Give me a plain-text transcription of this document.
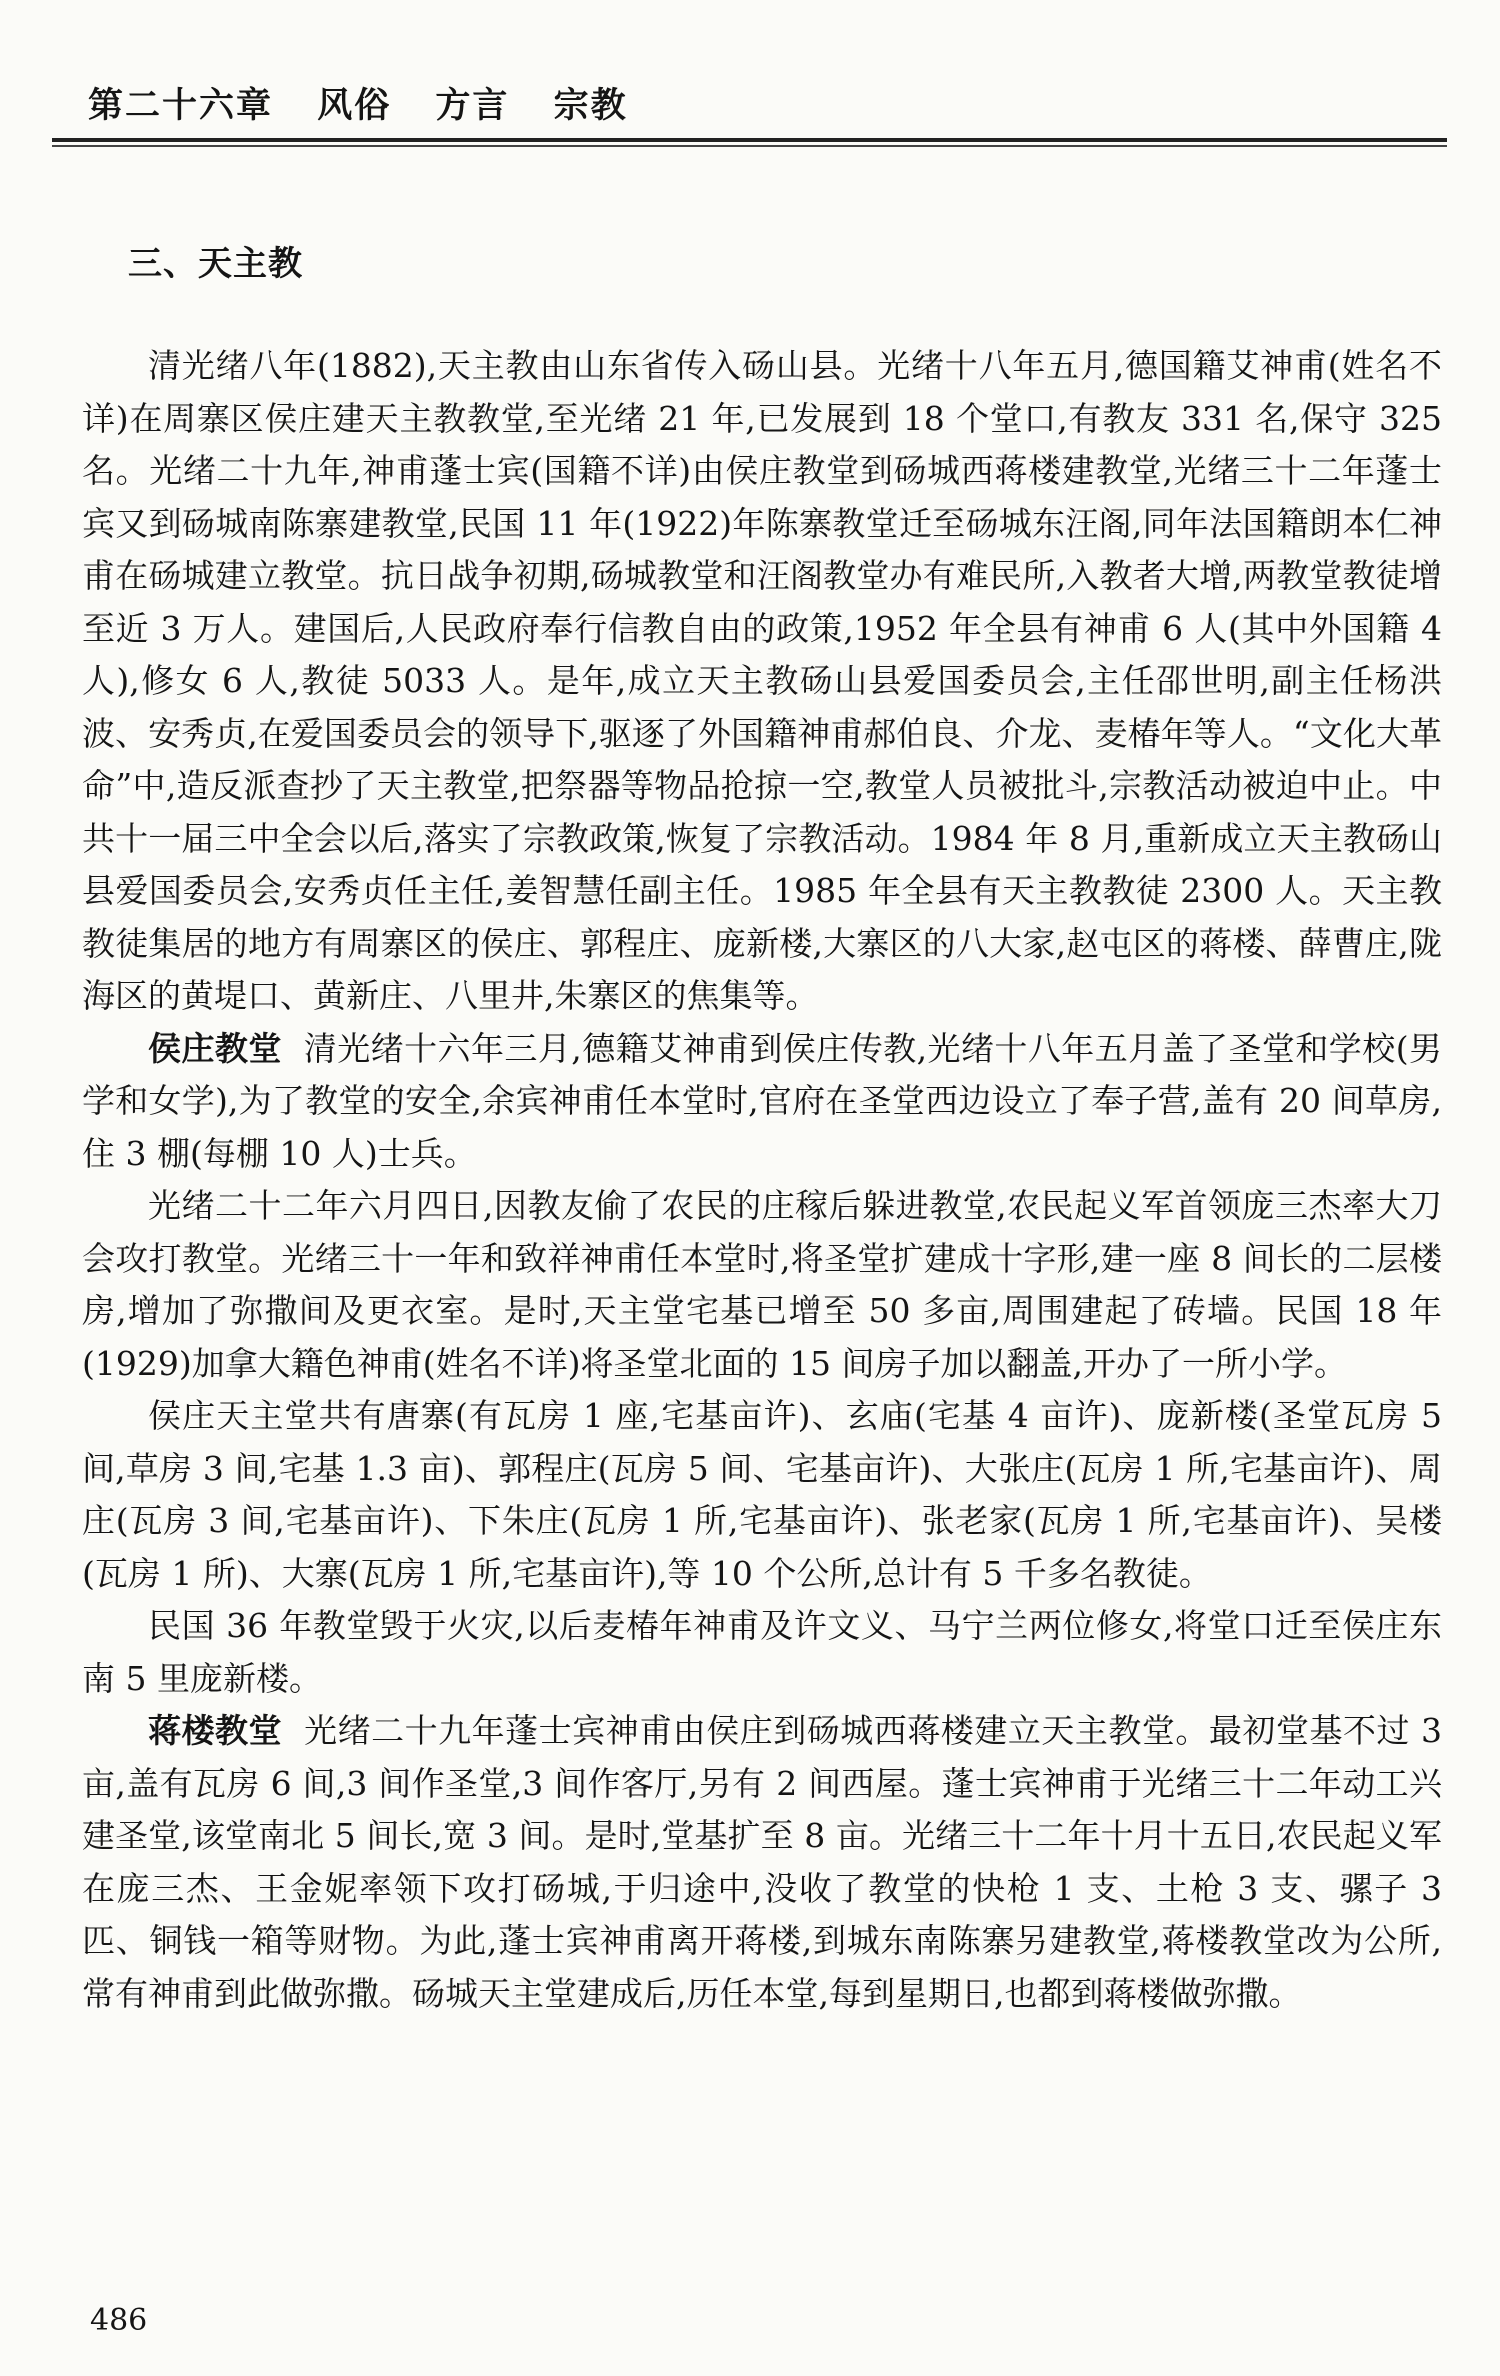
第二十六章 风俗 方言 宗教
三、天主教

清光绪八年(1882),天主教由山东省传入砀山县。光绪十八年五月,德国籍艾神甫(姓名不详)在周寨区侯庄建天主教教堂,至光绪 21 年,已发展到 18 个堂口,有教友 331 名,保守 325 名。光绪二十九年,神甫蓬士宾(国籍不详)由侯庄教堂到砀城西蒋楼建教堂,光绪三十二年蓬士宾又到砀城南陈寨建教堂,民国 11 年(1922)年陈寨教堂迁至砀城东汪阁,同年法国籍朗本仁神甫在砀城建立教堂。抗日战争初期,砀城教堂和汪阁教堂办有难民所,入教者大增,两教堂教徒增至近 3 万人。建国后,人民政府奉行信教自由的政策,1952 年全县有神甫 6 人(其中外国籍 4 人),修女 6 人,教徒 5033 人。是年,成立天主教砀山县爱国委员会,主任邵世明,副主任杨洪波、安秀贞,在爱国委员会的领导下,驱逐了外国籍神甫郝伯良、介龙、麦椿年等人。“文化大革命”中,造反派查抄了天主教堂,把祭器等物品抢掠一空,教堂人员被批斗,宗教活动被迫中止。中共十一届三中全会以后,落实了宗教政策,恢复了宗教活动。1984 年 8 月,重新成立天主教砀山县爱国委员会,安秀贞任主任,姜智慧任副主任。1985 年全县有天主教教徒 2300 人。天主教教徒集居的地方有周寨区的侯庄、郭程庄、庞新楼,大寨区的八大家,赵屯区的蒋楼、薛曹庄,陇海区的黄堤口、黄新庄、八里井,朱寨区的焦集等。

侯庄教堂 清光绪十六年三月,德籍艾神甫到侯庄传教,光绪十八年五月盖了圣堂和学校(男学和女学),为了教堂的安全,余宾神甫任本堂时,官府在圣堂西边设立了奉子营,盖有 20 间草房,住 3 棚(每棚 10 人)士兵。

光绪二十二年六月四日,因教友偷了农民的庄稼后躲进教堂,农民起义军首领庞三杰率大刀会攻打教堂。光绪三十一年和致祥神甫任本堂时,将圣堂扩建成十字形,建一座 8 间长的二层楼房,增加了弥撒间及更衣室。是时,天主堂宅基已增至 50 多亩,周围建起了砖墙。民国 18 年(1929)加拿大籍色神甫(姓名不详)将圣堂北面的 15 间房子加以翻盖,开办了一所小学。

侯庄天主堂共有唐寨(有瓦房 1 座,宅基亩许)、玄庙(宅基 4 亩许)、庞新楼(圣堂瓦房 5 间,草房 3 间,宅基 1.3 亩)、郭程庄(瓦房 5 间、宅基亩许)、大张庄(瓦房 1 所,宅基亩许)、周庄(瓦房 3 间,宅基亩许)、下朱庄(瓦房 1 所,宅基亩许)、张老家(瓦房 1 所,宅基亩许)、吴楼(瓦房 1 所)、大寨(瓦房 1 所,宅基亩许),等 10 个公所,总计有 5 千多名教徒。

民国 36 年教堂毁于火灾,以后麦椿年神甫及许文义、马宁兰两位修女,将堂口迁至侯庄东南 5 里庞新楼。

蒋楼教堂 光绪二十九年蓬士宾神甫由侯庄到砀城西蒋楼建立天主教堂。最初堂基不过 3 亩,盖有瓦房 6 间,3 间作圣堂,3 间作客厅,另有 2 间西屋。蓬士宾神甫于光绪三十二年动工兴建圣堂,该堂南北 5 间长,宽 3 间。是时,堂基扩至 8 亩。光绪三十二年十月十五日,农民起义军在庞三杰、王金妮率领下攻打砀城,于归途中,没收了教堂的快枪 1 支、土枪 3 支、骡子 3 匹、铜钱一箱等财物。为此,蓬士宾神甫离开蒋楼,到城东南陈寨另建教堂,蒋楼教堂改为公所,常有神甫到此做弥撒。砀城天主堂建成后,历任本堂,每到星期日,也都到蒋楼做弥撒。

486
